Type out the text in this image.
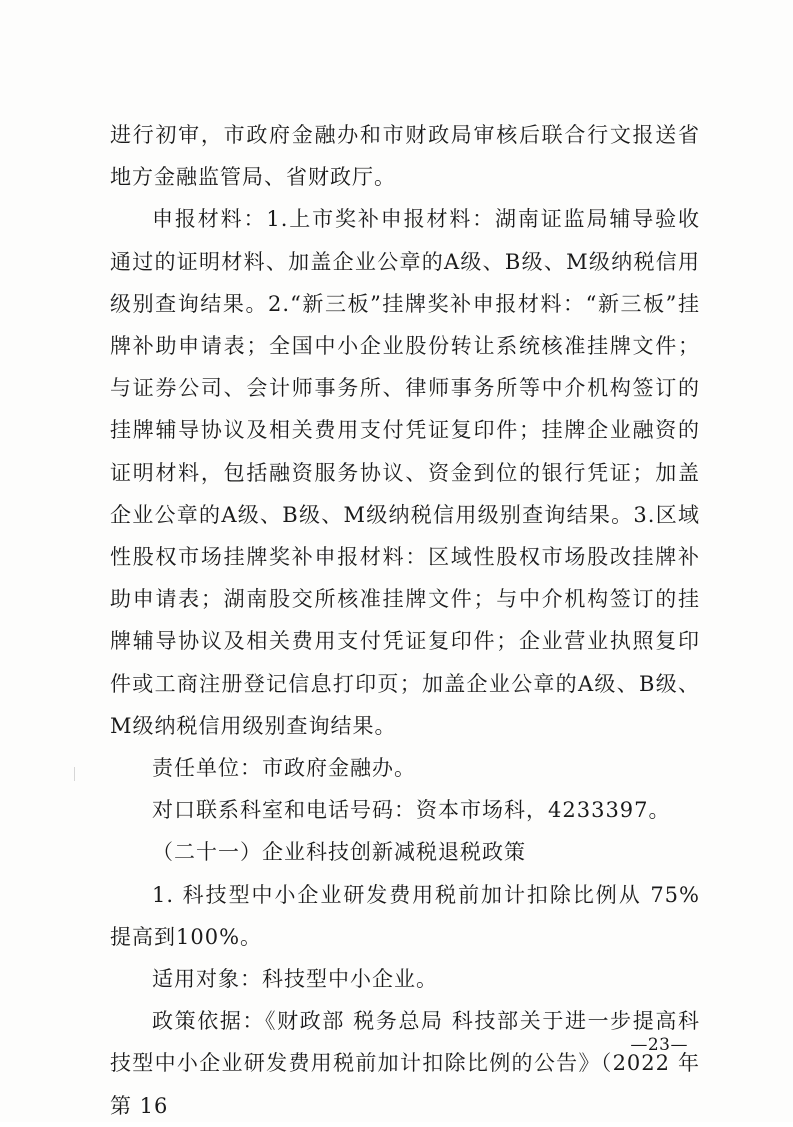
进行初审，市政府金融办和市财政局审核后联合行文报送省地方金融监管局、省财政厅。

申报材料：1.上市奖补申报材料：湖南证监局辅导验收通过的证明材料、加盖企业公章的A级、B级、M级纳税信用级别查询结果。2.“新三板”挂牌奖补申报材料：“新三板”挂牌补助申请表；全国中小企业股份转让系统核准挂牌文件；与证券公司、会计师事务所、律师事务所等中介机构签订的挂牌辅导协议及相关费用支付凭证复印件；挂牌企业融资的证明材料，包括融资服务协议、资金到位的银行凭证；加盖企业公章的A级、B级、M级纳税信用级别查询结果。3.区域性股权市场挂牌奖补申报材料：区域性股权市场股改挂牌补助申请表；湖南股交所核准挂牌文件；与中介机构签订的挂牌辅导协议及相关费用支付凭证复印件；企业营业执照复印件或工商注册登记信息打印页；加盖企业公章的A级、B级、M级纳税信用级别查询结果。

责任单位：市政府金融办。

对口联系科室和电话号码：资本市场科，4233397。

（二十一）企业科技创新减税退税政策

1. 科技型中小企业研发费用税前加计扣除比例从 75%提高到100%。

适用对象：科技型中小企业。

政策依据：《财政部 税务总局 科技部关于进一步提高科技型中小企业研发费用税前加计扣除比例的公告》（2022 年第 16

—23—
